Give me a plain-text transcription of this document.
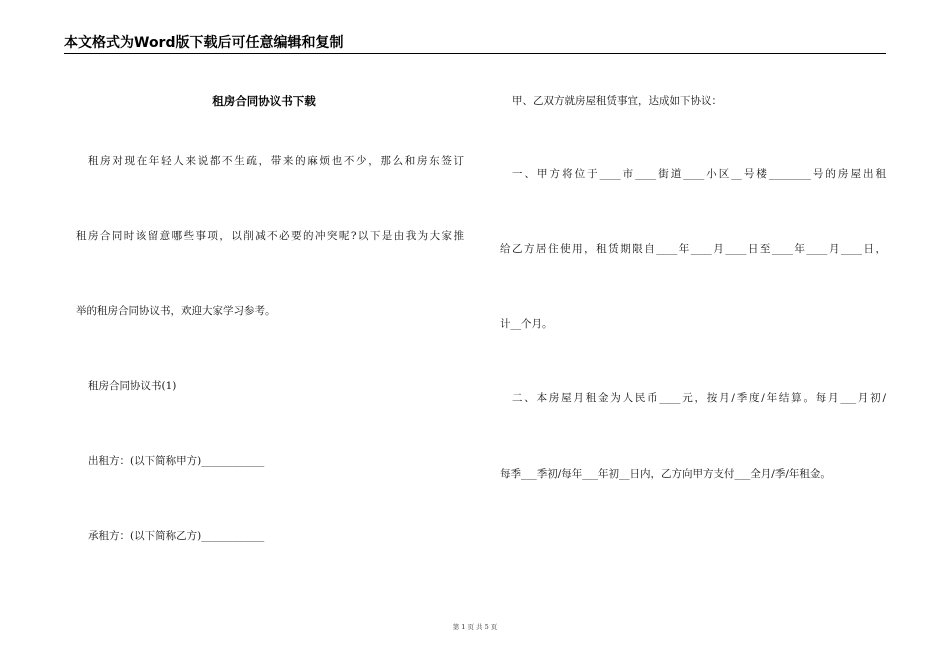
本文格式为Word版下载后可任意编辑和复制
租房合同协议书下载
租房对现在年轻人来说都不生疏，带来的麻烦也不少，那么和房东签订
租房合同时该留意哪些事项，以削减不必要的冲突呢?以下是由我为大家推
举的租房合同协议书，欢迎大家学习参考。
租房合同协议书(1)
出租方：(以下简称甲方)____________
承租方：(以下简称乙方)____________
甲、乙双方就房屋租赁事宜，达成如下协议：
一、甲方将位于____市____街道____小区__号楼________号的房屋出租
给乙方居住使用，租赁期限自____年____月____日至____年____月____日，
计__个月。
二、本房屋月租金为人民币____元，按月/季度/年结算。每月___月初/
每季___季初/每年___年初__日内，乙方向甲方支付___全月/季/年租金。
第 1 页 共 5 页
